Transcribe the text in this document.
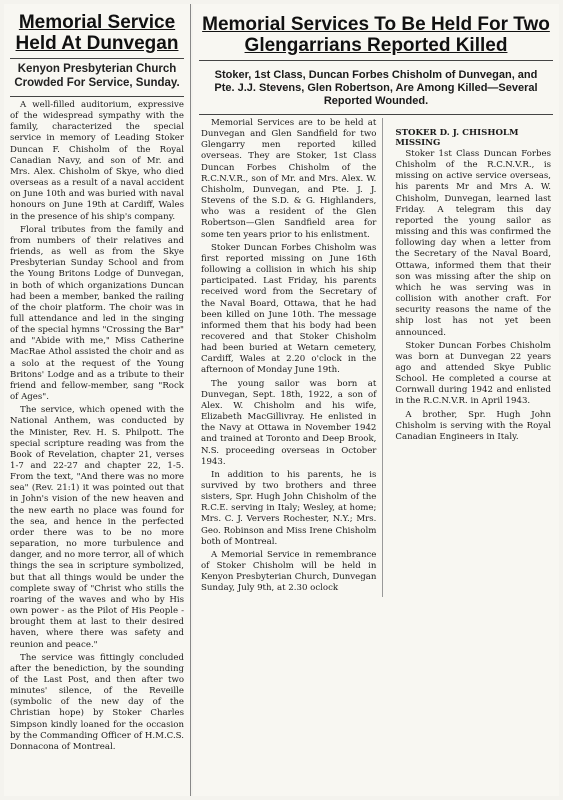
Memorial Service Held At Dunvegan
Kenyon Presbyterian Church Crowded For Service, Sunday.

A well-filled auditorium, expressive of the widespread sympathy with the family, characterized the special service in memory of Leading Stoker Duncan F. Chisholm of the Royal Canadian Navy, and son of Mr. and Mrs. Alex. Chisholm of Skye, who died overseas as a result of a naval accident on June 10th and was buried with naval honours on June 19th at Cardiff, Wales in the presence of his ship's company.

Floral tributes from the family and from numbers of their relatives and friends, as well as from the Skye Presbyterian Sunday School and from the Young Britons Lodge of Dunvegan, in both of which organizations Duncan had been a member, banked the railing of the choir platform. The choir was in full attendance and led in the singing of the special hymns "Crossing the Bar" and "Abide with me," Miss Catherine MacRae Athol assisted the choir and as a solo at the request of the Young Britons' Lodge and as a tribute to their friend and fellow-member, sang "Rock of Ages".

The service, which opened with the National Anthem, was conducted by the Minister, Rev. H. S. Philpott. The special scripture reading was from the Book of Revelation, chapter 21, verses 1-7 and 22-27 and chapter 22, 1-5. From the text, "And there was no more sea" (Rev. 21:1) it was pointed out that in John's vision of the new heaven and the new earth no place was found for the sea, and hence in the perfected order there was to be no more separation, no more turbulence and danger, and no more terror, all of which things the sea in scripture symbolized, but that all things would be under the complete sway of "Christ who stills the roaring of the waves and who by His own power - as the Pilot of His People - brought them at last to their desired haven, where there was safety and reunion and peace."

The service was fittingly concluded after the benediction, by the sounding of the Last Post, and then after two minutes' silence, of the Reveille (symbolic of the new day of the Christian hope) by Stoker Charles Simpson kindly loaned for the occasion by the Commanding Officer of H.M.C.S. Donnacona of Montreal.

Memorial Services To Be Held For Two Glengarrians Reported Killed
Stoker, 1st Class, Duncan Forbes Chisholm of Dunvegan, and Pte. J.J. Stevens, Glen Robertson, Are Among Killed—Several Reported Wounded.

Memorial Services are to be held at Dunvegan and Glen Sandfield for two Glengarry men reported killed overseas. They are Stoker, 1st Class Duncan Forbes Chisholm of the R.C.N.V.R., son of Mr. and Mrs. Alex. W. Chisholm, Dunvegan, and Pte. J. J. Stevens of the S.D. & G. Highlanders, who was a resident of the Glen Robertson—Glen Sandfield area for some ten years prior to his enlistment.

Stoker Duncan Forbes Chisholm was first reported missing on June 16th following a collision in which his ship participated. Last Friday, his parents received word from the Secretary of the Naval Board, Ottawa, that he had been killed on June 10th. The message informed them that his body had been recovered and that Stoker Chisholm had been buried at Wetarn cemetery, Cardiff, Wales at 2.20 o'clock in the afternoon of Monday June 19th.

The young sailor was born at Dunvegan, Sept. 18th, 1922, a son of Alex. W. Chisholm and his wife, Elizabeth MacGillivray. He enlisted in the Navy at Ottawa in November 1942 and trained at Toronto and Deep Brook, N.S. proceeding overseas in October 1943.

In addition to his parents, he is survived by two brothers and three sisters, Spr. Hugh John Chisholm of the R.C.E. serving in Italy; Wesley, at home; Mrs. C. J. Ververs Rochester, N.Y.; Mrs. Geo. Robinson and Miss Irene Chisholm both of Montreal.

A Memorial Service in remembrance of Stoker Chisholm will be held in Kenyon Presbyterian Church, Dunvegan Sunday, July 9th, at 2.30 oclock

STOKER D. J. CHISHOLM MISSING

Stoker 1st Class Duncan Forbes Chisholm of the R.C.N.V.R., is missing on active service overseas, his parents Mr and Mrs A. W. Chisholm, Dunvegan, learned last Friday. A telegram this day reported the young sailor as missing and this was confirmed the following day when a letter from the Secretary of the Naval Board, Ottawa, informed them that their son was missing after the ship on which he was serving was in collision with another craft. For security reasons the name of the ship lost has not yet been announced.

Stoker Duncan Forbes Chisholm was born at Dunvegan 22 years ago and attended Skye Public School. He completed a course at Cornwall during 1942 and enlisted in the R.C.N.V.R. in April 1943.

A brother, Spr. Hugh John Chisholm is serving with the Royal Canadian Engineers in Italy.
